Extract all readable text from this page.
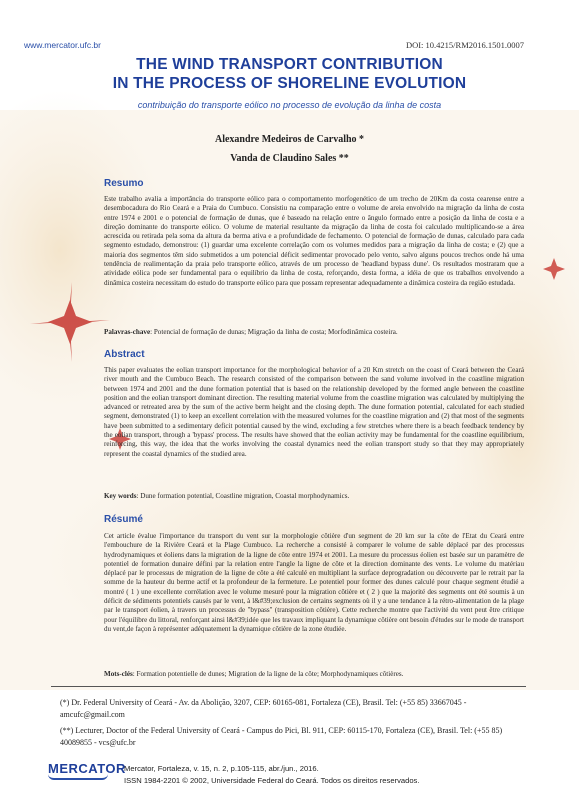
www.mercator.ufc.br	DOI: 10.4215/RM2016.1501.0007
THE WIND TRANSPORT CONTRIBUTION
IN THE PROCESS OF SHORELINE EVOLUTION
contribuição do transporte eólico no processo de evolução da linha de costa
Alexandre Medeiros de Carvalho *
Vanda de Claudino Sales **
Resumo
Este trabalho avalia a importância do transporte eólico para o comportamento morfogenético de um trecho de 20Km da costa cearense entre a desembocadura do Rio Ceará e a Praia do Cumbuco. Consistiu na comparação entre o volume de areia envolvido na migração da linha de costa entre 1974 e 2001 e o potencial de formação de dunas, que é baseado na relação entre o ângulo formado entre a posição da linha de costa e a direção dominante do transporte eólico. O volume de material resultante da migração da linha de costa foi calculado multiplicando-se a área acrescida ou retirada pela soma da altura da berma ativa e a profundidade de fechamento. O potencial de formação de dunas, calculado para cada segmento estudado, demonstrou: (1) guardar uma excelente correlação com os volumes medidos para a migração da linha de costa; e (2) que a maioria dos segmentos têm sido submetidos a um potencial déficit sedimentar provocado pelo vento, salvo alguns poucos trechos onde há uma tendência de realimentação da praia pelo transporte eólico, através de um processo de 'headland bypass dune'. Os resultados mostraram que a atividade eólica pode ser fundamental para o equilíbrio da linha de costa, reforçando, desta forma, a idéia de que os trabalhos envolvendo a dinâmica costeira necessitam do estudo do transporte eólico para que possam representar adequadamente a dinâmica costeira da região estudada.
Palavras-chave: Potencial de formação de dunas; Migração da linha de costa; Morfodinâmica costeira.
Abstract
This paper evaluates the eolian transport importance for the morphological behavior of a 20 Km stretch on the coast of Ceará between the Ceará river mouth and the Cumbuco Beach. The research consisted of the comparison between the sand volume involved in the coastline migration between 1974 and 2001 and the dune formation potential that is based on the relationship developed by the formed angle between the coastline position and the eolian transport dominant direction. The resulting material volume from the coastline migration was calculated by multiplying the advanced or retreated area by the sum of the active berm height and the closing depth. The dune formation potential, calculated for each studied segment, demonstrated (1) to keep an excellent correlation with the measured volumes for the coastline migration and (2) that most of the segments have been submitted to a sedimentary deficit potential caused by the wind, excluding a few stretches where there is a beach feedback tendency by the eolian transport, through a 'bypass' process. The results have showed that the eolian activity may be fundamental for the coastline equilibrium, reinforcing, this way, the idea that the works involving the coastal dynamics need the eolian transport study so that they may appropriately represent the coastal dynamics of the studied area.
Key words: Dune formation potential, Coastline migration, Coastal morphodynamics.
Résumé
Cet article évalue l'importance du transport du vent sur la morphologie côtière d'un segment de 20 km sur la côte de l'Etat du Ceará entre l'embouchure de la Rivière Ceará et la Plage Cumbuco. La recherche a consisté à comparer le volume de sable déplacé par des processus hydrodynamiques et éoliens dans la migration de la ligne de côte entre 1974 et 2001. La mesure du processus éolien est basée sur un paramètre de potentiel de formation dunaire défini par la relation entre l'angle la ligne de côte et la direction dominante des vents. Le volume du matériau déplacé par le processus de migration de la ligne de côte a été calculé en multipliant la surface deprogradation ou découverte par le retrait par la somme de la hauteur du berme actif et la profondeur de la fermeture. Le potentiel pour former des dunes calculé pour chaque segment étudié a montré ( 1 ) une excellente corrélation avec le volume mesuré pour la migration côtière et ( 2 ) que la majorité des segments ont été soumis à un déficit de sédiments potentiels causés par le vent, à l&#39;exclusion de certains segments où il y a une tendance à la rétro-alimentation de la plage par le transport éolien, à travers un processus de "bypass" (transposition côtière). Cette recherche montre que l'activité du vent peut être critique pour l'équilibre du littoral, renforçant ainsi l&#39;idée que les travaux impliquant la dynamique côtière ont besoin d'études sur le mode de transport du vent,de façon à représenter adéquatement la dynamique côtière de la zone étudiée.
Mots-clés: Formation potentielle de dunes; Migration de la ligne de la côte; Morphodynamiques côtières.
(*) Dr. Federal University of Ceará - Av. da Abolição, 3207, CEP: 60165-081, Fortaleza (CE), Brasil. Tel: (+55 85) 33667045 - amcufc@gmail.com
(**) Lecturer, Doctor of the Federal University of Ceará - Campus do Pici, Bl. 911, CEP: 60115-170, Fortaleza (CE), Brasil. Tel: (+55 85) 40089855 - vcs@ufc.br
MERCATOR
Mercator, Fortaleza, v. 15, n. 2, p.105-115, abr./jun., 2016.
ISSN 1984-2201 © 2002, Universidade Federal do Ceará. Todos os direitos reservados.
